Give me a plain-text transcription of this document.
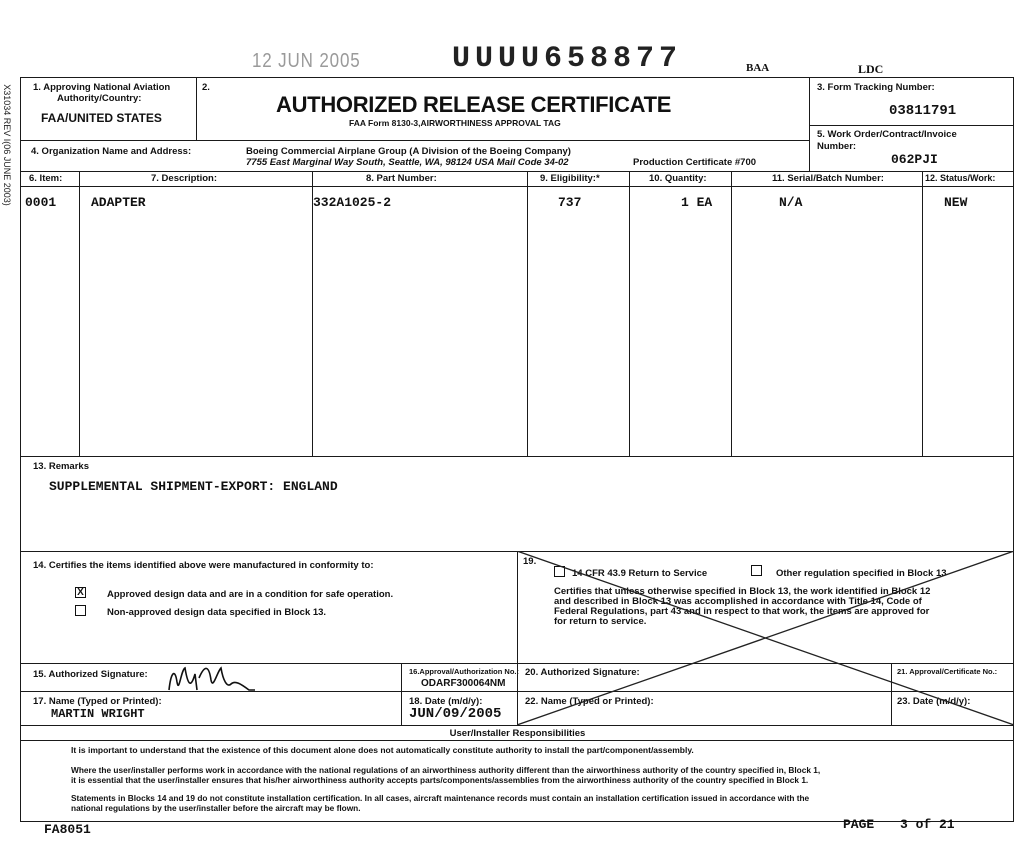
X31034 REV I(06 JUNE 2003)
12 JUN 2005	UUUU658877	BAA	LDC
1. Approving National Aviation
Authority/Country:
FAA/UNITED STATES
2.
AUTHORIZED RELEASE CERTIFICATE
FAA Form 8130-3,AIRWORTHINESS APPROVAL TAG
3. Form Tracking Number:
03811791
5. Work Order/Contract/Invoice
Number:
062PJI
4. Organization Name and Address:	Boeing Commercial Airplane Group (A Division of the Boeing Company)
7755 East Marginal Way South, Seattle, WA, 98124 USA Mail Code 34-02	Production Certificate #700
6. Item:	7. Description:	8. Part Number:	9. Eligibility:*	10. Quantity:	11. Serial/Batch Number:	12. Status/Work:
0001	ADAPTER	332A1025-2	737	1 EA	N/A	NEW
13. Remarks
SUPPLEMENTAL SHIPMENT-EXPORT: ENGLAND
14. Certifies the items identified above were manufactured in conformity to:
X Approved design data and are in a condition for safe operation.
Non-approved design data specified in Block 13.
19.
14 CFR 43.9 Return to Service	Other regulation specified in Block 13
Certifies that unless otherwise specified in Block 13, the work identified in Block 12
and described in Block 13 was accomplished in accordance with Title 14, Code of
Federal Regulations, part 43 and in respect to that work, the items are approved for
for return to service.
15. Authorized Signature:	16.Approval/Authorization No.:
ODARF300064NM
20. Authorized Signature:	21. Approval/Certificate No.:
17. Name (Typed or Printed):
MARTIN WRIGHT
18. Date (m/d/y):
JUN/09/2005
22. Name (Typed or Printed):	23. Date (m/d/y):
User/Installer Responsibilities
It is important to understand that the existence of this document alone does not automatically constitute authority to install the part/component/assembly.
Where the user/installer performs work in accordance with the national regulations of an airworthiness authority different than the airworthiness authority of the country specified in, Block 1,
it is essential that the user/installer ensures that his/her airworthiness authority accepts parts/components/assemblies from the airworthiness authority of the country specified in Block 1.
Statements in Blocks 14 and 19 do not constitute installation certification. In all cases, aircraft maintenance records must contain an installation certification issued in accordance with the
national regulations by the user/installer before the aircraft may be flown.
FA8051	PAGE 3 of 21
